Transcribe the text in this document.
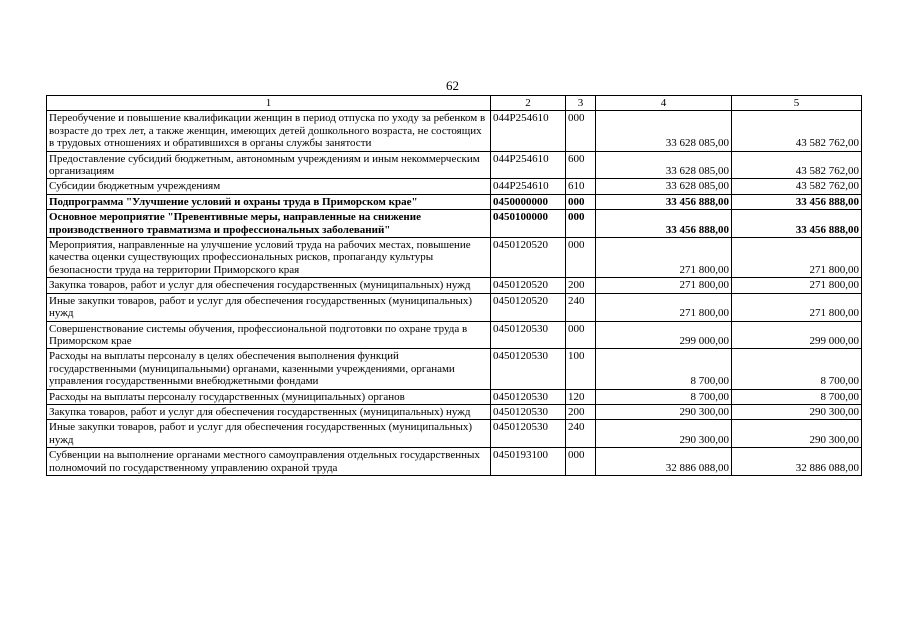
62
1	2	3	4	5
Переобучение и повышение квалификации женщин в период отпуска по уходу за ребенком в возрасте до трех лет, а также женщин, имеющих детей дошкольного возраста, не состоящих в трудовых отношениях и обратившихся в органы службы занятости	044P254610	000	33 628 085,00	43 582 762,00
Предоставление субсидий бюджетным, автономным учреждениям и иным некоммерческим организациям	044P254610	600	33 628 085,00	43 582 762,00
Субсидии бюджетным учреждениям	044P254610	610	33 628 085,00	43 582 762,00
Подпрограмма "Улучшение условий и охраны труда в Приморском крае"	0450000000	000	33 456 888,00	33 456 888,00
Основное мероприятие "Превентивные меры, направленные на снижение производственного травматизма и профессиональных заболеваний"	0450100000	000	33 456 888,00	33 456 888,00
Мероприятия, направленные на улучшение условий труда на рабочих местах, повышение качества оценки существующих профессиональных рисков, пропаганду культуры безопасности труда на территории Приморского края	0450120520	000	271 800,00	271 800,00
Закупка товаров, работ и услуг для обеспечения государственных (муниципальных) нужд	0450120520	200	271 800,00	271 800,00
Иные закупки товаров, работ и услуг для обеспечения государственных (муниципальных) нужд	0450120520	240	271 800,00	271 800,00
Совершенствование системы обучения, профессиональной подготовки по охране труда в Приморском крае	0450120530	000	299 000,00	299 000,00
Расходы на выплаты персоналу в целях обеспечения выполнения функций государственными (муниципальными) органами, казенными учреждениями, органами управления государственными внебюджетными фондами	0450120530	100	8 700,00	8 700,00
Расходы на выплаты персоналу государственных (муниципальных) органов	0450120530	120	8 700,00	8 700,00
Закупка товаров, работ и услуг для обеспечения государственных (муниципальных) нужд	0450120530	200	290 300,00	290 300,00
Иные закупки товаров, работ и услуг для обеспечения государственных (муниципальных) нужд	0450120530	240	290 300,00	290 300,00
Субвенции на выполнение органами местного самоуправления отдельных государственных полномочий по государственному управлению охраной труда	0450193100	000	32 886 088,00	32 886 088,00
